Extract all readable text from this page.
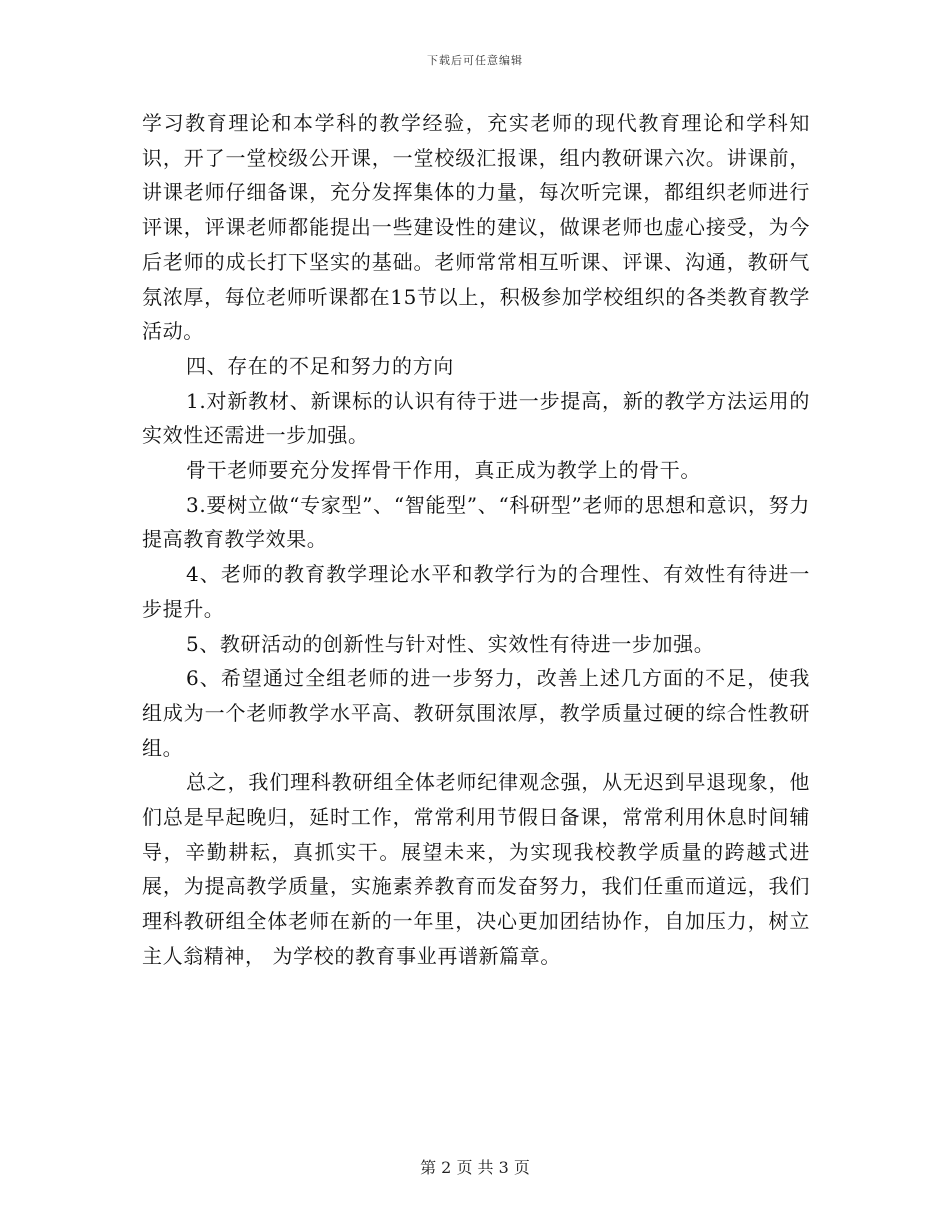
下载后可任意编辑

学习教育理论和本学科的教学经验，充实老师的现代教育理论和学科知识，开了一堂校级公开课，一堂校级汇报课，组内教研课六次。讲课前，讲课老师仔细备课，充分发挥集体的力量，每次听完课，都组织老师进行评课，评课老师都能提出一些建设性的建议，做课老师也虚心接受，为今后老师的成长打下坚实的基础。老师常常相互听课、评课、沟通，教研气氛浓厚，每位老师听课都在15节以上，积极参加学校组织的各类教育教学活动。

四、存在的不足和努力的方向

1.对新教材、新课标的认识有待于进一步提高，新的教学方法运用的实效性还需进一步加强。

骨干老师要充分发挥骨干作用，真正成为教学上的骨干。

3.要树立做“专家型”、“智能型”、“科研型”老师的思想和意识，努力提高教育教学效果。

4、老师的教育教学理论水平和教学行为的合理性、有效性有待进一步提升。

5、教研活动的创新性与针对性、实效性有待进一步加强。

6、希望通过全组老师的进一步努力，改善上述几方面的不足，使我组成为一个老师教学水平高、教研氛围浓厚，教学质量过硬的综合性教研组。

总之，我们理科教研组全体老师纪律观念强，从无迟到早退现象，他们总是早起晚归，延时工作，常常利用节假日备课，常常利用休息时间辅导，辛勤耕耘，真抓实干。展望未来，为实现我校教学质量的跨越式进展，为提高教学质量，实施素养教育而发奋努力，我们任重而道远，我们理科教研组全体老师在新的一年里，决心更加团结协作，自加压力，树立主人翁精神， 为学校的教育事业再谱新篇章。

第 2 页 共 3 页
